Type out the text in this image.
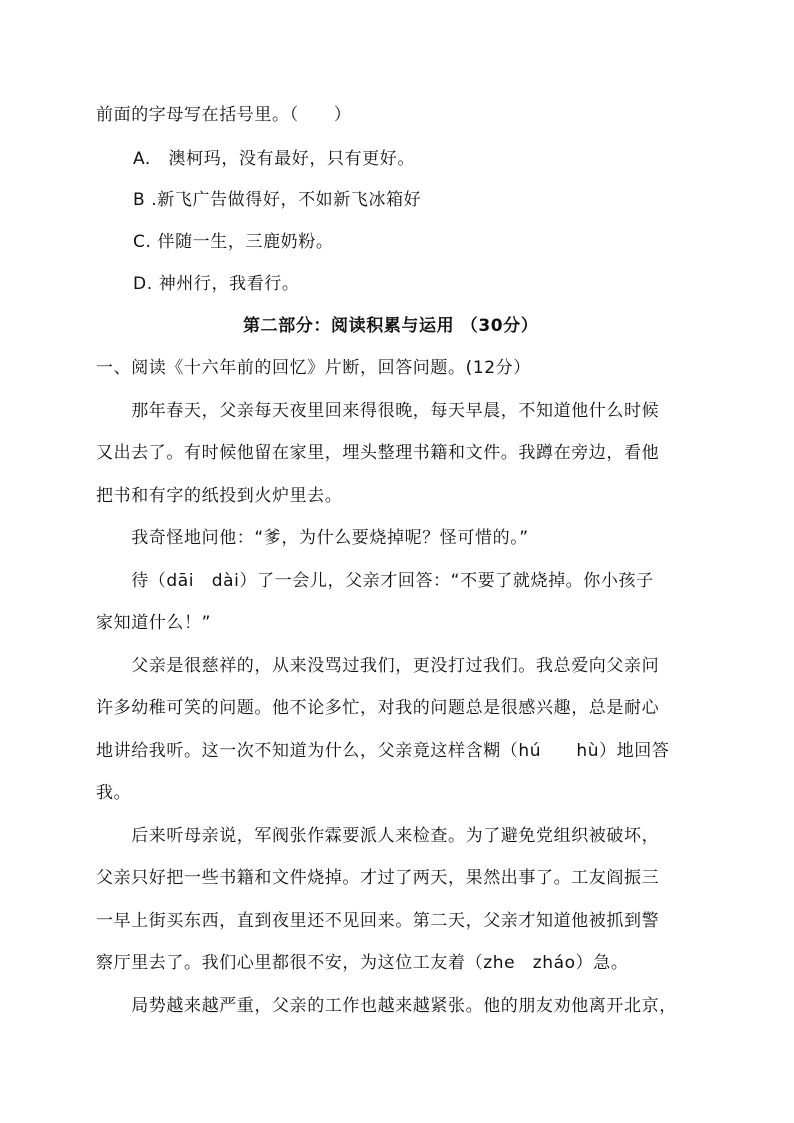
前面的字母写在括号里。（　　）
A.　澳柯玛，没有最好，只有更好。
B .新飞广告做得好，不如新飞冰箱好
C. 伴随一生，三鹿奶粉。
D. 神州行，我看行。
第二部分：阅读积累与运用 （30分）
一、阅读《十六年前的回忆》片断，回答问题。(12分）
　　那年春天，父亲每天夜里回来得很晚，每天早晨，不知道他什么时候
又出去了。有时候他留在家里，埋头整理书籍和文件。我蹲在旁边，看他
把书和有字的纸投到火炉里去。
　　我奇怪地问他：“爹，为什么要烧掉呢？怪可惜的。”
　　待（dāi　dài）了一会儿，父亲才回答：“不要了就烧掉。你小孩子
家知道什么！”
　　父亲是很慈祥的，从来没骂过我们，更没打过我们。我总爱向父亲问
许多幼稚可笑的问题。他不论多忙，对我的问题总是很感兴趣，总是耐心
地讲给我听。这一次不知道为什么，父亲竟这样含糊（hú　　hù）地回答
我。
　　后来听母亲说，军阀张作霖要派人来检查。为了避免党组织被破坏，
父亲只好把一些书籍和文件烧掉。才过了两天，果然出事了。工友阎振三
一早上街买东西，直到夜里还不见回来。第二天，父亲才知道他被抓到警
察厅里去了。我们心里都很不安，为这位工友着（zhe　zháo）急。
　　局势越来越严重，父亲的工作也越来越紧张。他的朋友劝他离开北京，
